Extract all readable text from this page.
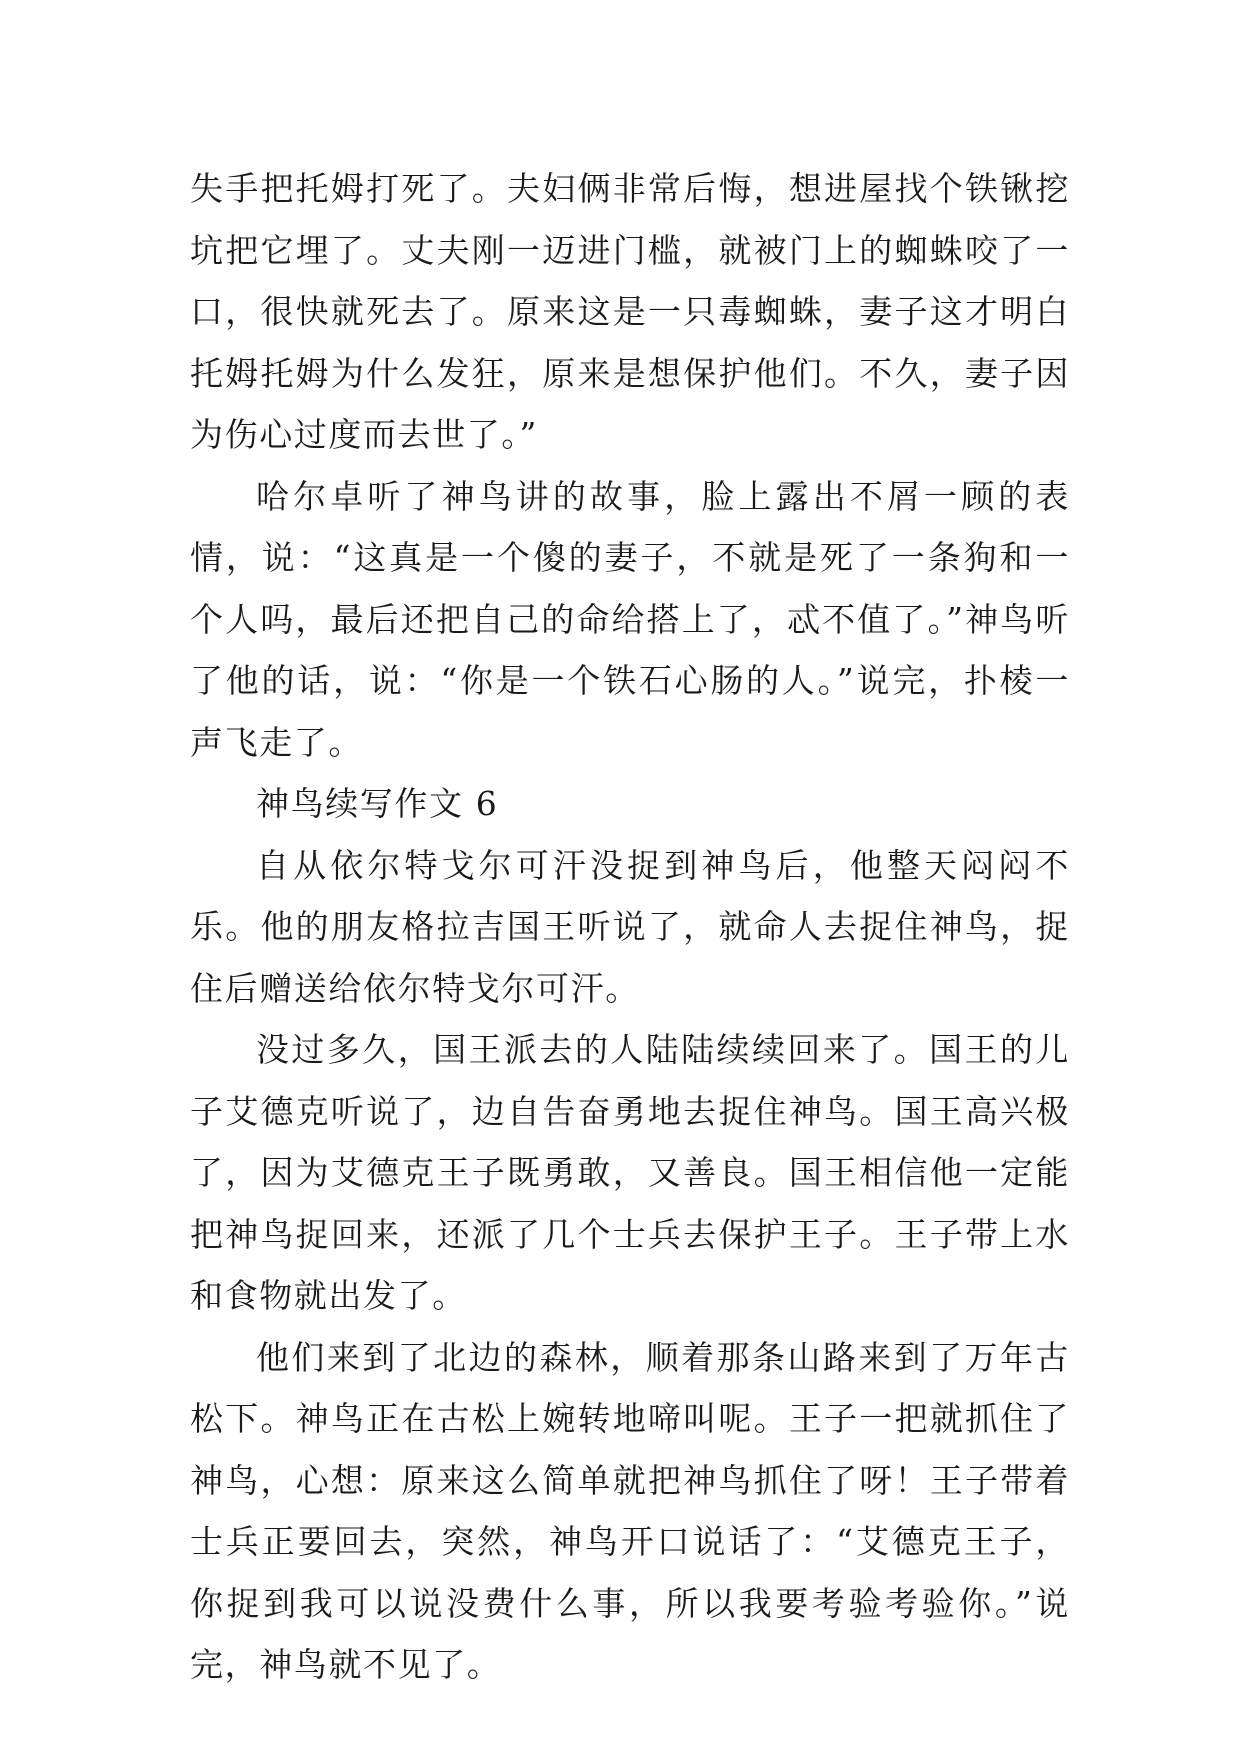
失手把托姆打死了。夫妇俩非常后悔，想进屋找个铁锹挖坑把它埋了。丈夫刚一迈进门槛，就被门上的蜘蛛咬了一口，很快就死去了。原来这是一只毒蜘蛛，妻子这才明白托姆托姆为什么发狂，原来是想保护他们。不久，妻子因为伤心过度而去世了。”

哈尔卓听了神鸟讲的故事，脸上露出不屑一顾的表情，说：“这真是一个傻的妻子，不就是死了一条狗和一个人吗，最后还把自己的命给搭上了，忒不值了。”神鸟听了他的话，说：“你是一个铁石心肠的人。”说完，扑棱一声飞走了。

神鸟续写作文 6

自从依尔特戈尔可汗没捉到神鸟后，他整天闷闷不乐。他的朋友格拉吉国王听说了，就命人去捉住神鸟，捉住后赠送给依尔特戈尔可汗。

没过多久，国王派去的人陆陆续续回来了。国王的儿子艾德克听说了，边自告奋勇地去捉住神鸟。国王高兴极了，因为艾德克王子既勇敢，又善良。国王相信他一定能把神鸟捉回来，还派了几个士兵去保护王子。王子带上水和食物就出发了。

他们来到了北边的森林，顺着那条山路来到了万年古松下。神鸟正在古松上婉转地啼叫呢。王子一把就抓住了神鸟，心想：原来这么简单就把神鸟抓住了呀！王子带着士兵正要回去，突然，神鸟开口说话了：“艾德克王子，你捉到我可以说没费什么事，所以我要考验考验你。”说完，神鸟就不见了。
